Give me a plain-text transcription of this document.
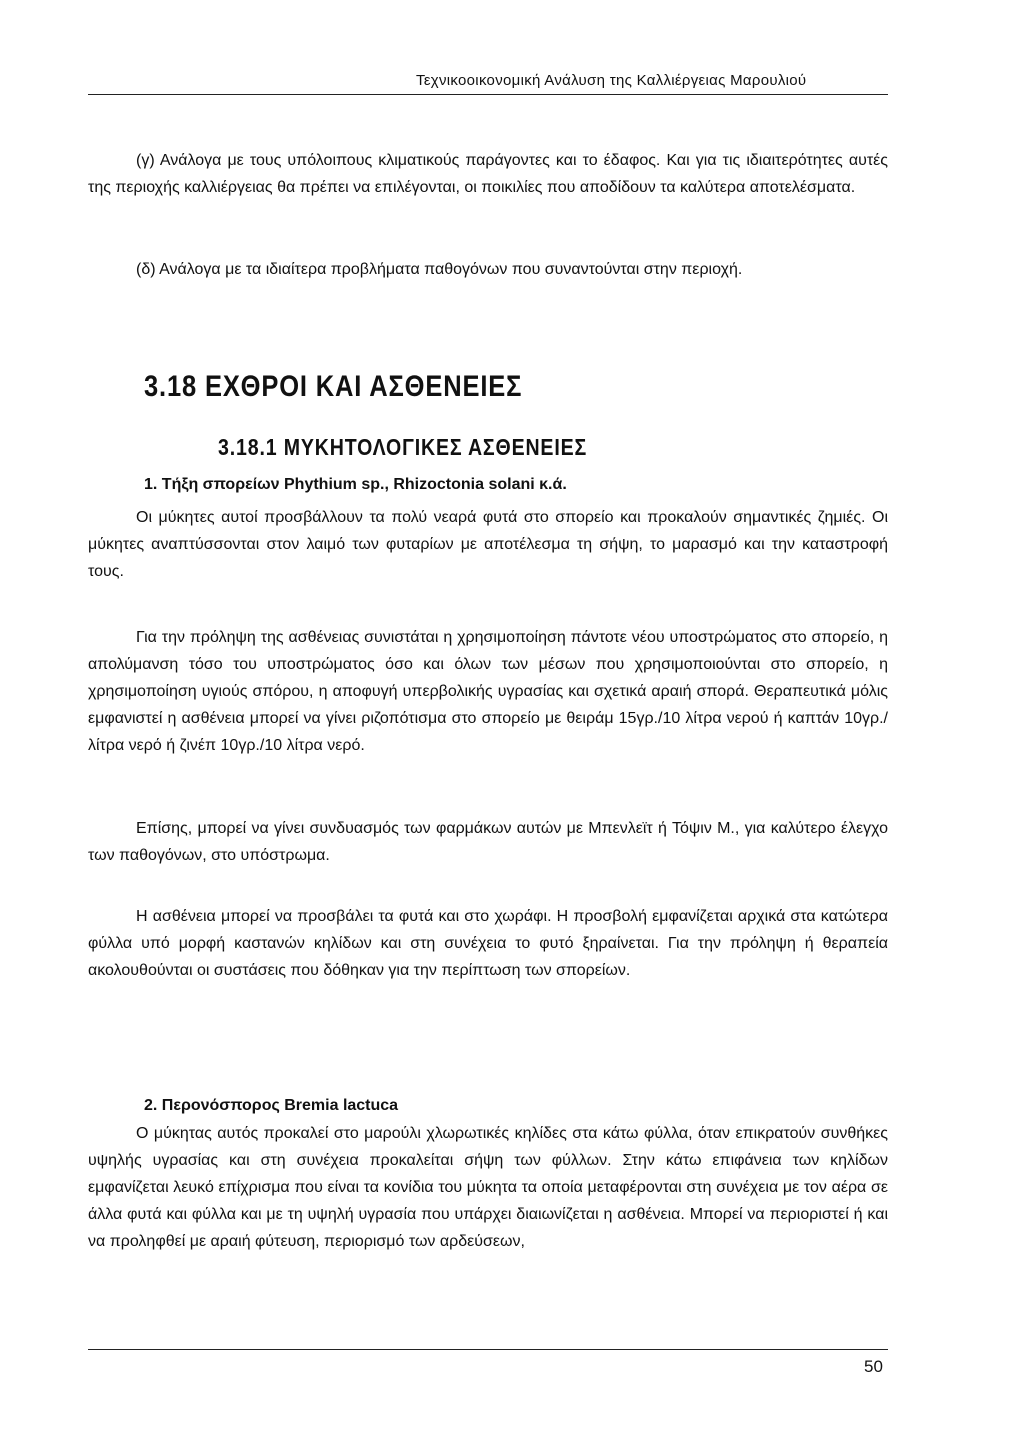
Τεχνικοοικονομική Ανάλυση της Καλλιέργειας Μαρουλιού

(γ) Ανάλογα με τους υπόλοιπους κλιματικούς παράγοντες και το έδαφος. Και για τις ιδιαιτερότητες αυτές της περιοχής καλλιέργειας θα πρέπει να επιλέγονται, οι ποικιλίες που αποδίδουν τα καλύτερα αποτελέσματα.

(δ) Ανάλογα με τα ιδιαίτερα προβλήματα παθογόνων που συναντούνται στην περιοχή.

3.18 ΕΧΘΡΟΙ ΚΑΙ ΑΣΘΕΝΕΙΕΣ
3.18.1 ΜΥΚΗΤΟΛΟΓΙΚΕΣ ΑΣΘΕΝΕΙΕΣ

1. Τήξη σπορείων Phythium sp., Rhizoctonia solani κ.ά.

Οι μύκητες αυτοί προσβάλλουν τα πολύ νεαρά φυτά στο σπορείο και προκαλούν σημαντικές ζημιές. Οι μύκητες αναπτύσσονται στον λαιμό των φυταρίων με αποτέλεσμα τη σήψη, το μαρασμό και την καταστροφή τους.

Για την πρόληψη της ασθένειας συνιστάται η χρησιμοποίηση πάντοτε νέου υποστρώματος στο σπορείο, η απολύμανση τόσο του υποστρώματος όσο και όλων των μέσων που χρησιμοποιούνται στο σπορείο, η χρησιμοποίηση υγιούς σπόρου, η αποφυγή υπερβολικής υγρασίας και σχετικά αραιή σπορά. Θεραπευτικά μόλις εμφανιστεί η ασθένεια μπορεί να γίνει ριζοπότισμα στο σπορείο με θειράμ 15γρ./10 λίτρα νερού ή καπτάν 10γρ./λίτρα νερό ή ζινέπ 10γρ./10 λίτρα νερό.

Επίσης, μπορεί να γίνει συνδυασμός των φαρμάκων αυτών με Μπενλεϊτ ή Τόψιν Μ., για καλύτερο έλεγχο των παθογόνων, στο υπόστρωμα.

Η ασθένεια μπορεί να προσβάλει τα φυτά και στο χωράφι. Η προσβολή εμφανίζεται αρχικά στα κατώτερα φύλλα υπό μορφή καστανών κηλίδων και στη συνέχεια το φυτό ξηραίνεται. Για την πρόληψη ή θεραπεία ακολουθούνται οι συστάσεις που δόθηκαν για την περίπτωση των σπορείων.

2. Περονόσπορος Bremia lactuca

Ο μύκητας αυτός προκαλεί στο μαρούλι χλωρωτικές κηλίδες στα κάτω φύλλα, όταν επικρατούν συνθήκες υψηλής υγρασίας και στη συνέχεια προκαλείται σήψη των φύλλων. Στην κάτω επιφάνεια των κηλίδων εμφανίζεται λευκό επίχρισμα που είναι τα κονίδια του μύκητα τα οποία μεταφέρονται στη συνέχεια με τον αέρα σε άλλα φυτά και φύλλα και με τη υψηλή υγρασία που υπάρχει διαιωνίζεται η ασθένεια. Μπορεί να περιοριστεί ή και να προληφθεί με αραιή φύτευση, περιορισμό των αρδεύσεων,

50
